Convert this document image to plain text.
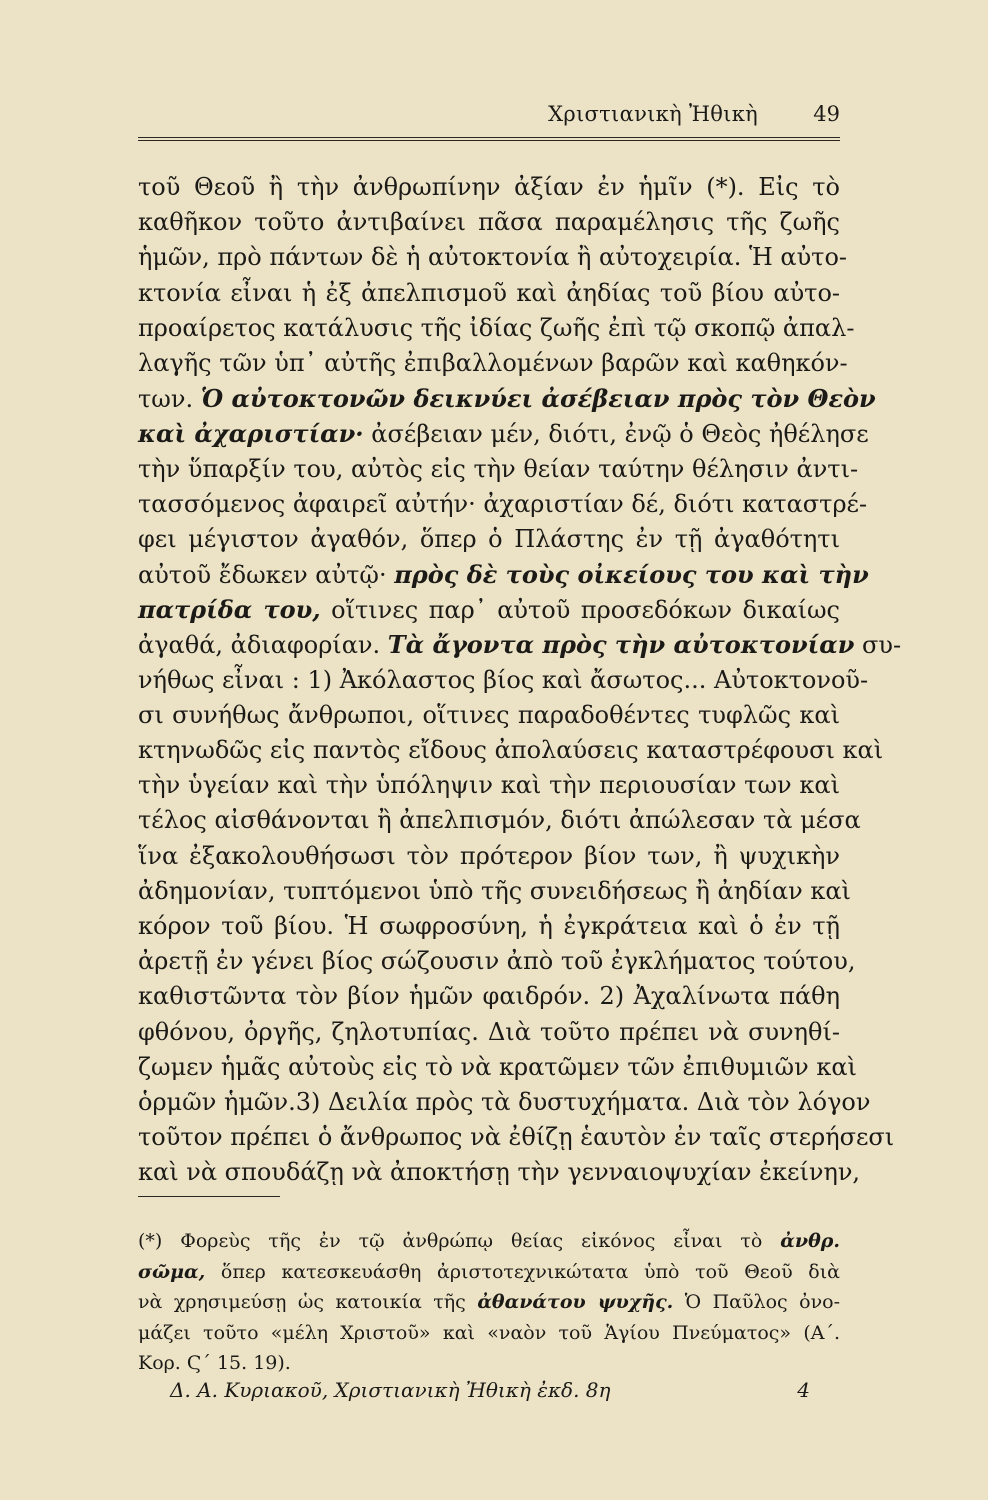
Χριστιανικὴ Ἠθικὴ	49
τοῦ Θεοῦ ἢ τὴν ἀνθρωπίνην ἀξίαν ἐν ἡμῖν (*). Εἰς τὸ
καθῆκον τοῦτο ἀντιβαίνει πᾶσα παραμέλησις τῆς ζωῆς
ἡμῶν, πρὸ πάντων δὲ ἡ αὐτοκτονία ἢ αὐτοχειρία. Ἡ αὐτο-
κτονία εἶναι ἡ ἐξ ἀπελπισμοῦ καὶ ἀηδίας τοῦ βίου αὐτο-
προαίρετος κατάλυσις τῆς ἰδίας ζωῆς ἐπὶ τῷ σκοπῷ ἀπαλ-
λαγῆς τῶν ὑπ᾿ αὐτῆς ἐπιβαλλομένων βαρῶν καὶ καθηκόν-
των. Ὁ αὐτοκτονῶν δεικνύει ἀσέβειαν πρὸς τὸν Θεὸν
καὶ ἀχαριστίαν· ἀσέβειαν μέν, διότι, ἐνῷ ὁ Θεὸς ἠθέλησε
τὴν ὕπαρξίν του, αὐτὸς εἰς τὴν θείαν ταύτην θέλησιν ἀντι-
τασσόμενος ἀφαιρεῖ αὐτήν· ἀχαριστίαν δέ, διότι καταστρέ-
φει μέγιστον ἀγαθόν, ὅπερ ὁ Πλάστης ἐν τῇ ἀγαθότητι
αὐτοῦ ἔδωκεν αὐτῷ· πρὸς δὲ τοὺς οἰκείους του καὶ τὴν
πατρίδα του, οἵτινες παρ᾿ αὐτοῦ προσεδόκων δικαίως
ἀγαθά, ἀδιαφορίαν. Τὰ ἄγοντα πρὸς τὴν αὐτοκτονίαν συ-
νήθως εἶναι : 1) Ἀκόλαστος βίος καὶ ἄσωτος... Αὐτοκτονοῦ-
σι συνήθως ἄνθρωποι, οἵτινες παραδοθέντες τυφλῶς καὶ
κτηνωδῶς εἰς παντὸς εἴδους ἀπολαύσεις καταστρέφουσι καὶ
τὴν ὑγείαν καὶ τὴν ὑπόληψιν καὶ τὴν περιουσίαν των καὶ
τέλος αἰσθάνονται ἢ ἀπελπισμόν, διότι ἀπώλεσαν τὰ μέσα
ἵνα ἐξακολουθήσωσι τὸν πρότερον βίον των, ἢ ψυχικὴν
ἀδημονίαν, τυπτόμενοι ὑπὸ τῆς συνειδήσεως ἢ ἀηδίαν καὶ
κόρον τοῦ βίου. Ἡ σωφροσύνη, ἡ ἐγκράτεια καὶ ὁ ἐν τῇ
ἀρετῇ ἐν γένει βίος σώζουσιν ἀπὸ τοῦ ἐγκλήματος τούτου,
καθιστῶντα τὸν βίον ἡμῶν φαιδρόν. 2) Ἀχαλίνωτα πάθη
φθόνου, ὀργῆς, ζηλοτυπίας. Διὰ τοῦτο πρέπει νὰ συνηθί-
ζωμεν ἡμᾶς αὐτοὺς εἰς τὸ νὰ κρατῶμεν τῶν ἐπιθυμιῶν καὶ
ὁρμῶν ἡμῶν.3) Δειλία πρὸς τὰ δυστυχήματα. Διὰ τὸν λόγον
τοῦτον πρέπει ὁ ἄνθρωπος νὰ ἐθίζῃ ἑαυτὸν ἐν ταῖς στερήσεσι
καὶ νὰ σπουδάζῃ νὰ ἀποκτήσῃ τὴν γενναιοψυχίαν ἐκείνην,
(*) Φορεὺς τῆς ἐν τῷ ἀνθρώπῳ θείας εἰκόνος εἶναι τὸ ἀνθρ.
σῶμα, ὅπερ κατεσκευάσθη ἀριστοτεχνικώτατα ὑπὸ τοῦ Θεοῦ διὰ
νὰ χρησιμεύσῃ ὡς κατοικία τῆς ἀθανάτου ψυχῆς. Ὁ Παῦλος ὀνο-
μάζει τοῦτο «μέλη Χριστοῦ» καὶ «ναὸν τοῦ Ἁγίου Πνεύματος» (Α΄.
Κορ. Ϛ΄ 15. 19).
Δ. Α. Κυριακοῦ, Χριστιανικὴ Ἠθικὴ ἐκδ. 8η	4
